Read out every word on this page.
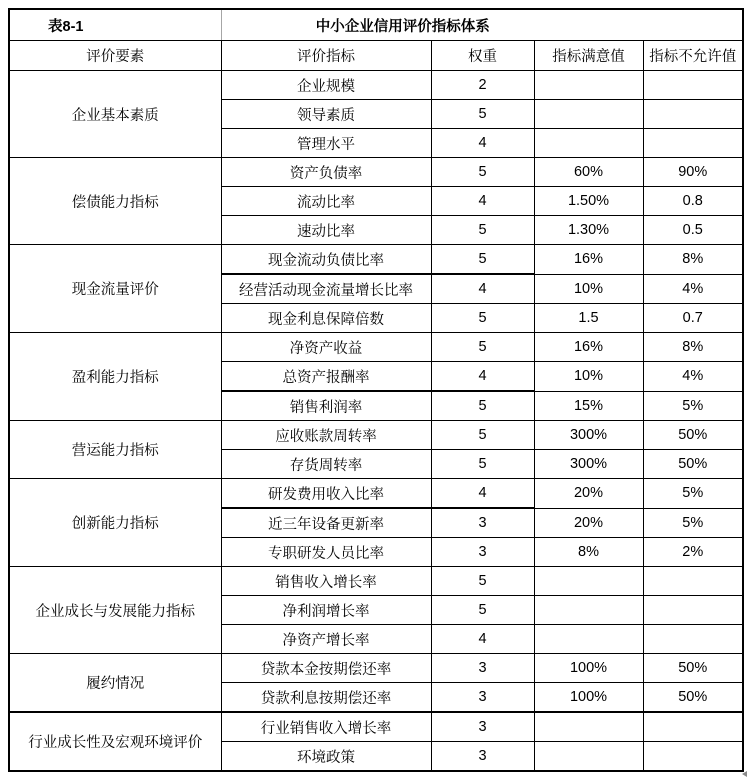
表8-1	中小企业信用评价指标体系			
评价要素	评价指标	权重	指标满意值	指标不允许值
企业基本素质	企业规模	2		
	领导素质	5		
	管理水平	4		
偿债能力指标	资产负债率	5	60%	90%
	流动比率	4	1.50%	0.8
	速动比率	5	1.30%	0.5
现金流量评价	现金流动负债比率	5	16%	8%
	经营活动现金流量增长比率	4	10%	4%
	现金利息保障倍数	5	1.5	0.7
盈利能力指标	净资产收益	5	16%	8%
	总资产报酬率	4	10%	4%
	销售利润率	5	15%	5%
营运能力指标	应收账款周转率	5	300%	50%
	存货周转率	5	300%	50%
创新能力指标	研发费用收入比率	4	20%	5%
	近三年设备更新率	3	20%	5%
	专职研发人员比率	3	8%	2%
企业成长与发展能力指标	销售收入增长率	5		
	净利润增长率	5		
	净资产增长率	4		
履约情况	贷款本金按期偿还率	3	100%	50%
	贷款利息按期偿还率	3	100%	50%
行业成长性及宏观环境评价	行业销售收入增长率	3		
	环境政策	3		
